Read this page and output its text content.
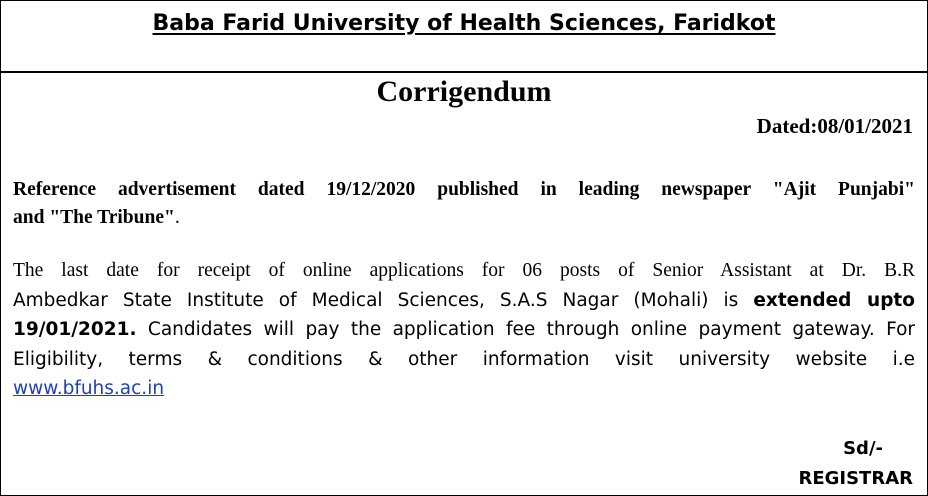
Baba Farid University of Health Sciences, Faridkot
Corrigendum
Dated:08/01/2021
Reference advertisement dated 19/12/2020 published in leading newspaper "Ajit Punjabi"
and "The Tribune".
The last date for receipt of online applications for 06 posts of Senior Assistant at Dr. B.R
Ambedkar State Institute of Medical Sciences, S.A.S Nagar (Mohali) is extended upto
19/01/2021. Candidates will pay the application fee through online payment gateway. For
Eligibility, terms & conditions & other information visit university website i.e
www.bfuhs.ac.in
Sd/-
REGISTRAR
